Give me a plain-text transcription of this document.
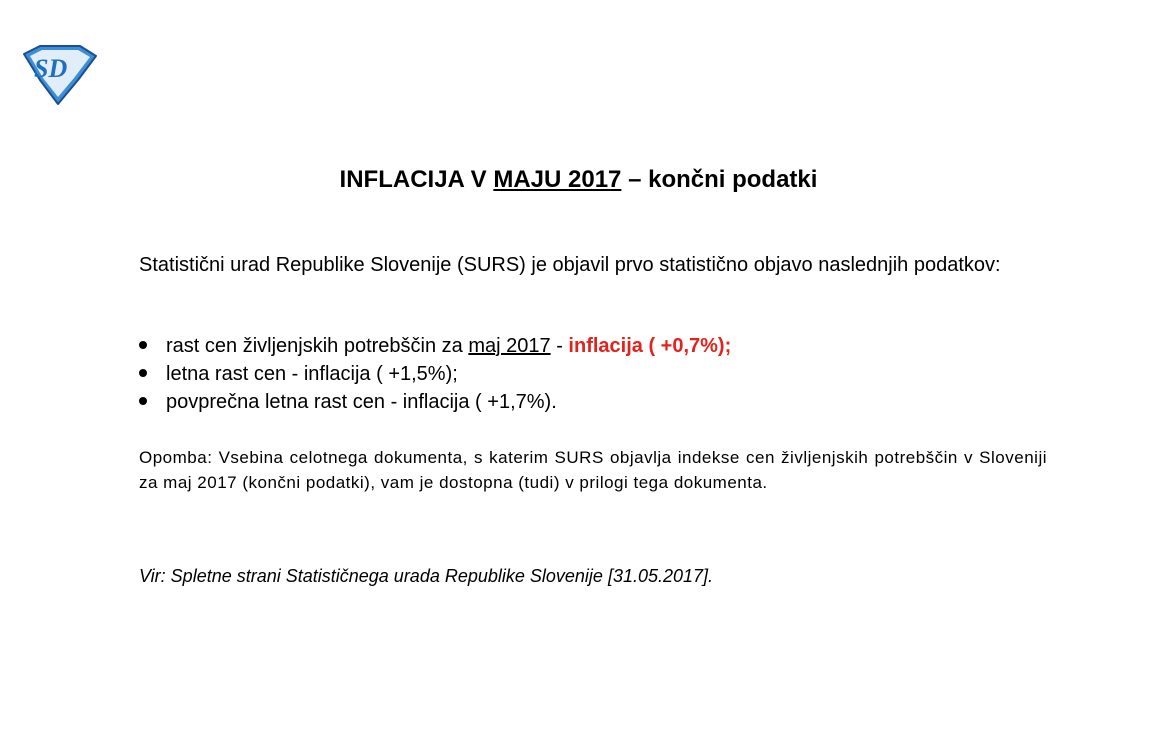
SD
INFLACIJA V MAJU 2017 – končni podatki
Statistični urad Republike Slovenije (SURS) je objavil prvo statistično objavo naslednjih podatkov:
rast cen življenjskih potrebščin za maj 2017 - inflacija ( +0,7%);
letna rast cen - inflacija ( +1,5%);
povprečna letna rast cen - inflacija ( +1,7%).
Opomba: Vsebina celotnega dokumenta, s katerim SURS objavlja indekse cen življenjskih potrebščin v Sloveniji za maj 2017 (končni podatki), vam je dostopna (tudi) v prilogi tega dokumenta.
Vir: Spletne strani Statističnega urada Republike Slovenije [31.05.2017].
